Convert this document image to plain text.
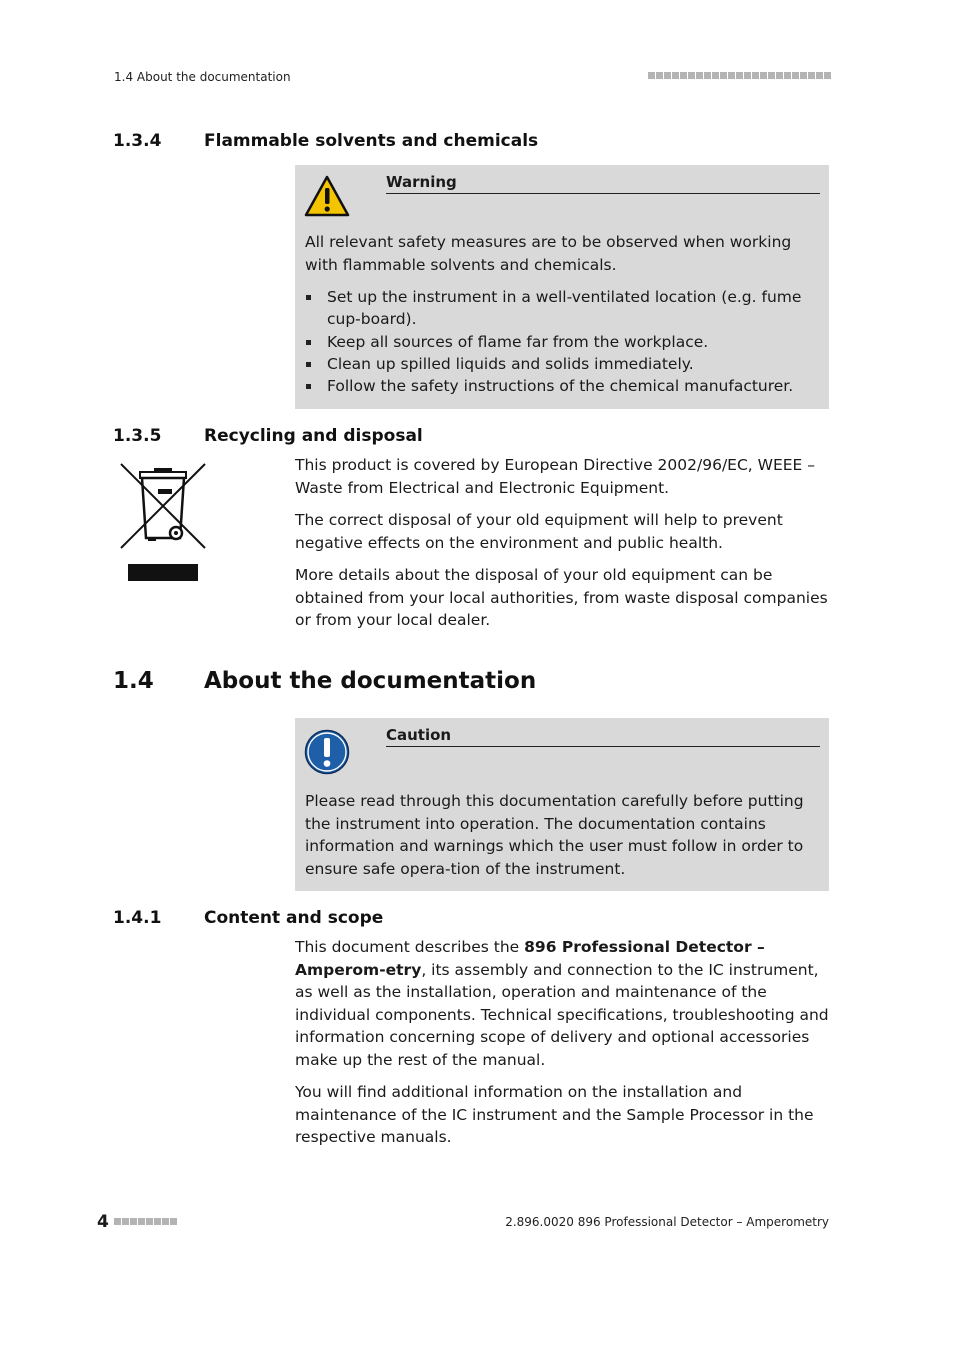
1.4 About the documentation
1.3.4	Flammable solvents and chemicals
Warning

All relevant safety measures are to be observed when working with flammable solvents and chemicals.

Set up the instrument in a well-ventilated location (e.g. fume cup-board).
Keep all sources of flame far from the workplace.
Clean up spilled liquids and solids immediately.
Follow the safety instructions of the chemical manufacturer.
1.3.5	Recycling and disposal

This product is covered by European Directive 2002/96/EC, WEEE – Waste from Electrical and Electronic Equipment.

The correct disposal of your old equipment will help to prevent negative effects on the environment and public health.

More details about the disposal of your old equipment can be obtained from your local authorities, from waste disposal companies or from your local dealer.

1.4 About the documentation
Caution

Please read through this documentation carefully before putting the instrument into operation. The documentation contains information and warnings which the user must follow in order to ensure safe opera-tion of the instrument.

1.4.1	Content and scope

This document describes the 896 Professional Detector – Amperom-etry, its assembly and connection to the IC instrument, as well as the installation, operation and maintenance of the individual components. Technical specifications, troubleshooting and information concerning scope of delivery and optional accessories make up the rest of the manual.

You will find additional information on the installation and maintenance of the IC instrument and the Sample Processor in the respective manuals.

4	2.896.0020 896 Professional Detector – Amperometry
